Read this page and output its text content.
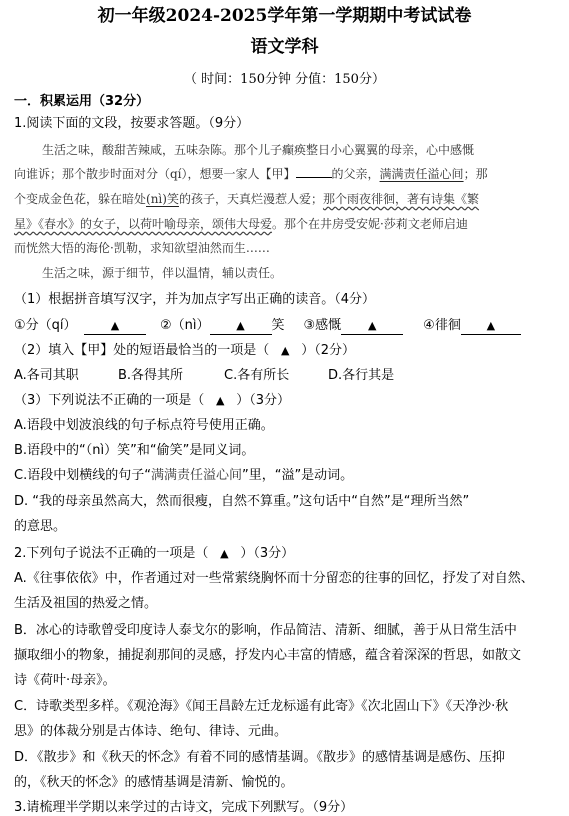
初一年级2024-2025学年第一学期期中考试试卷
语文学科
（ 时间：150分钟 分值：150分）
一．积累运用（32分）
1.阅读下面的文段，按要求答题。（9分）
生活之味，酸甜苦辣咸，五味杂陈。那个儿子癫痪整日小心翼翼的母亲，心中感慨
向谁诉；那个散步时面对分（qí），想要一家人【甲】	的父亲，满满责任溢心间；那
个变成金色花，躲在暗处(nì)笑的孩子，天真烂漫惹人爱；那个雨夜徘徊，著有诗集《繁
星》《春水》的女子，以荷叶喻母亲，颂伟大母爱。那个在井房受安妮·莎莉文老师启迪
而恍然大悟的海伦·凯勒，求知欲望油然而生……
生活之味，源于细节，伴以温情，辅以责任。
（1）根据拼音填写汉字，并为加点字写出正确的读音。（4分）
①分（qí）	▲	②（nì） ▲ 笑 ③感慨 ▲	④徘徊 ▲
（2）填入【甲】处的短语最恰当的一项是（ ▲ ）（2分）
A.各司其职	B.各得其所	C.各有所长	D.各行其是
（3）下列说法不正确的一项是（ ▲ ）（3分）
A.语段中划波浪线的句子标点符号使用正确。
B.语段中的“（nì）笑”和“偷笑”是同义词。
C.语段中划横线的句子“满满责任溢心间”里，“溢”是动词。
D. “我的母亲虽然高大，然而很瘦，自然不算重。”这句话中“自然”是“理所当然”
的意思。
2.下列句子说法不正确的一项是（ ▲ ）（3分）
A.《往事依依》中，作者通过对一些常萦绕胸怀而十分留恋的往事的回忆，抒发了对自然、
生活及祖国的热爱之情。
B．冰心的诗歌曾受印度诗人泰戈尔的影响，作品简洁、清新、细腻，善于从日常生活中
撷取细小的物象，捕捉刹那间的灵感，抒发内心丰富的情感，蕴含着深深的哲思，如散文
诗《荷叶·母亲》。
C．诗歌类型多样。《观沧海》《闻王昌龄左迁龙标遥有此寄》《次北固山下》《天净沙·秋
思》的体裁分别是古体诗、绝句、律诗、元曲。
D．《散步》和《秋天的怀念》有着不同的感情基调。《散步》的感情基调是感伤、压抑
的，《秋天的怀念》的感情基调是清新、愉悦的。
3.请梳理半学期以来学过的古诗文，完成下列默写。（9分）
